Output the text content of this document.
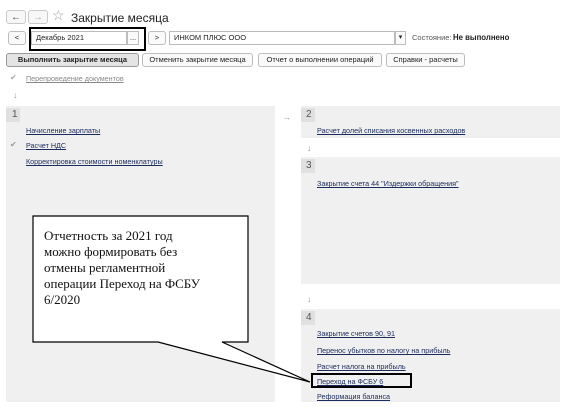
← → ☆ Закрытие месяца
<	Декабрь 2021	...	>	ИНКОМ ПЛЮС ООО	▾	Состояние: Не выполнено
Выполнить закрытие месяца	Отменить закрытие месяца	Отчет о выполнении операций	Справки - расчеты
✔ Перепроведение документов
↓
1
Начисление зарплаты
✔ Расчет НДС
Корректировка стоимости номенклатуры
→ 2
Расчет долей списания косвенных расходов
↓
3
Закрытие счета 44 "Издержки обращения"
↓
4
Закрытие счетов 90, 91
Перенос убытков по налогу на прибыль
Расчет налога на прибыль
Переход на ФСБУ 6
Реформация баланса
Отчетность за 2021 год
можно формировать без
отмены регламентной
операции Переход на ФСБУ
6/2020
